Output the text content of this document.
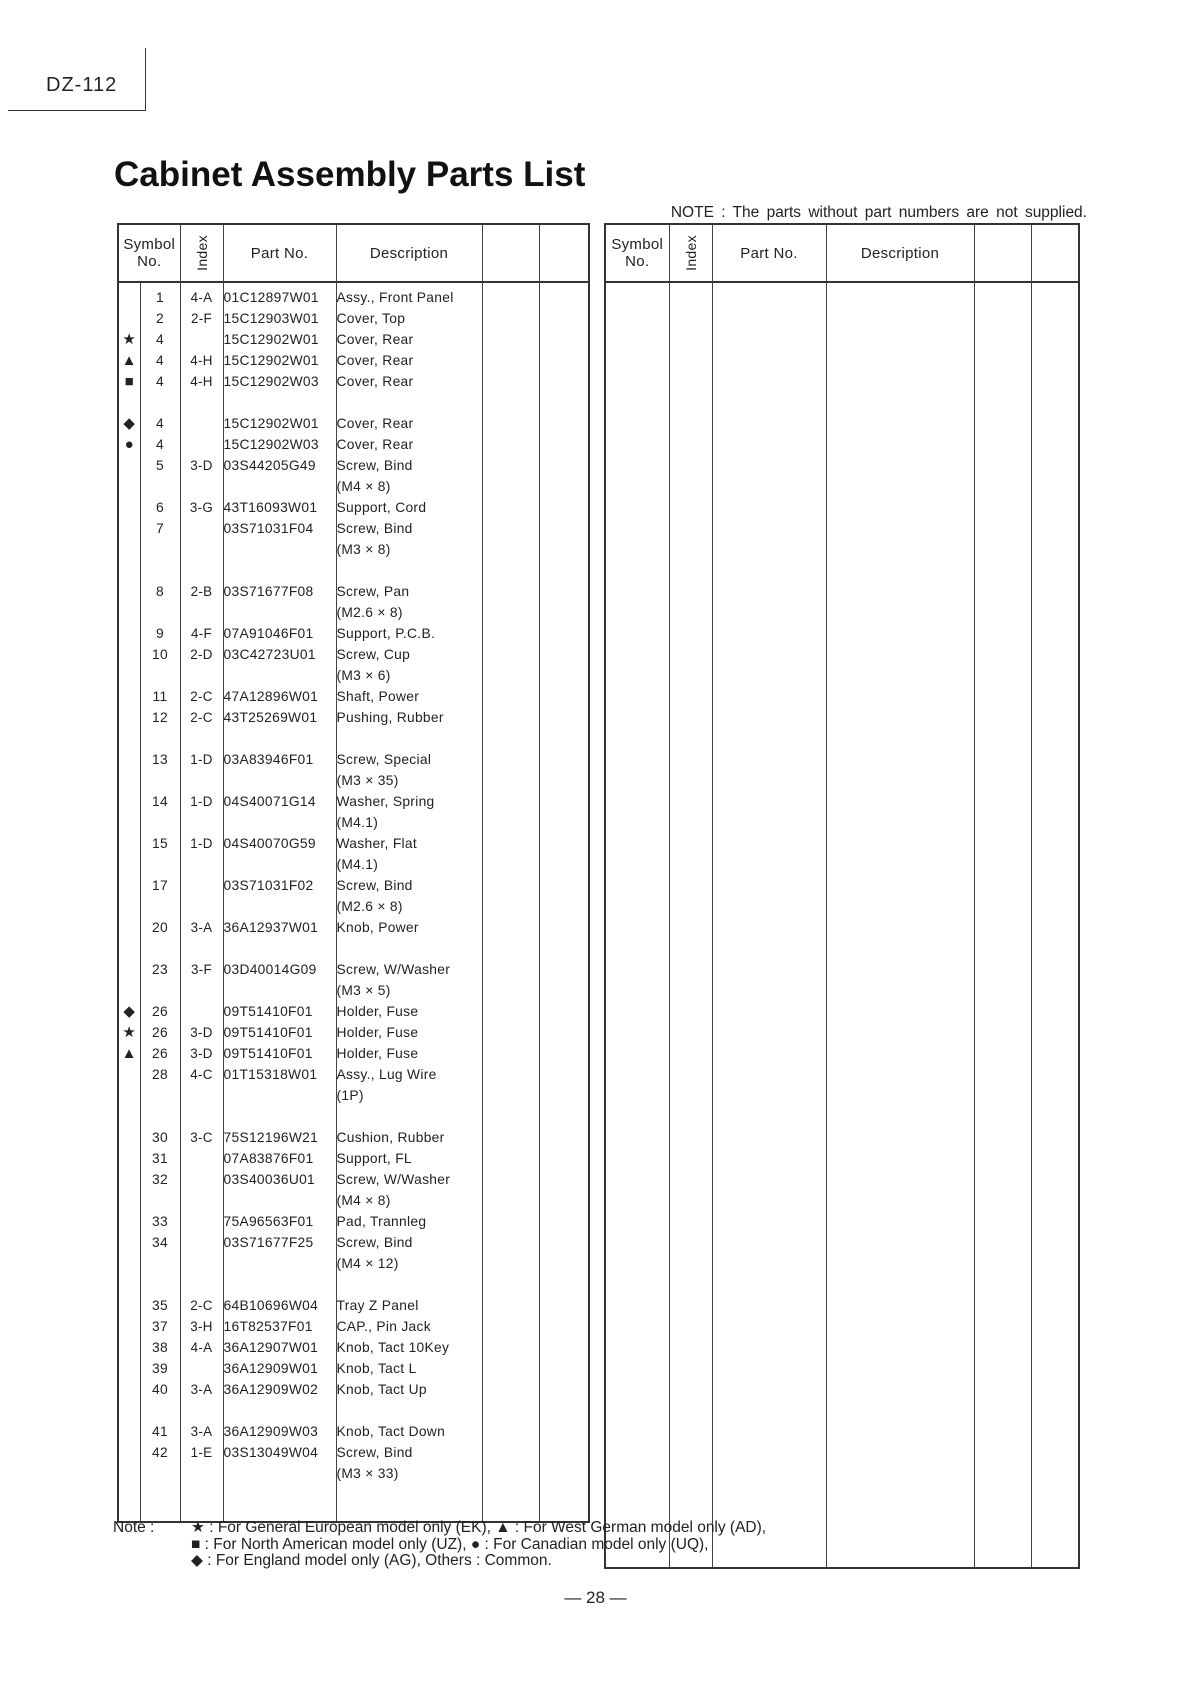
DZ-112
Cabinet Assembly Parts List
NOTE : The parts without part numbers are not supplied.
Symbol
No.		Index	Part No.	Description		
	1	4-A	01C12897W01	Assy., Front Panel		
	2	2-F	15C12903W01	Cover, Top		
★	4		15C12902W01	Cover, Rear		
▲	4	4-H	15C12902W01	Cover, Rear		
■	4	4-H	15C12902W03	Cover, Rear		

◆	4		15C12902W01	Cover, Rear		
●	4		15C12902W03	Cover, Rear		
	5	3-D	03S44205G49	Screw, Bind		
				(M4 × 8)		
	6	3-G	43T16093W01	Support, Cord		
	7		03S71031F04	Screw, Bind		
				(M3 × 8)		

	8	2-B	03S71677F08	Screw, Pan		
				(M2.6 × 8)		
	9	4-F	07A91046F01	Support, P.C.B.		
	10	2-D	03C42723U01	Screw, Cup		
				(M3 × 6)		
	11	2-C	47A12896W01	Shaft, Power		
	12	2-C	43T25269W01	Pushing, Rubber		

	13	1-D	03A83946F01	Screw, Special		
				(M3 × 35)		
	14	1-D	04S40071G14	Washer, Spring		
				(M4.1)		
	15	1-D	04S40070G59	Washer, Flat		
				(M4.1)		
	17		03S71031F02	Screw, Bind		
				(M2.6 × 8)		
	20	3-A	36A12937W01	Knob, Power		

	23	3-F	03D40014G09	Screw, W/Washer		
				(M3 × 5)		
◆	26		09T51410F01	Holder, Fuse		
★	26	3-D	09T51410F01	Holder, Fuse		
▲	26	3-D	09T51410F01	Holder, Fuse		
	28	4-C	01T15318W01	Assy., Lug Wire		
				(1P)		

	30	3-C	75S12196W21	Cushion, Rubber		
	31		07A83876F01	Support, FL		
	32		03S40036U01	Screw, W/Washer		
				(M4 × 8)		
	33		75A96563F01	Pad, Trannleg		
	34		03S71677F25	Screw, Bind		
				(M4 × 12)		

	35	2-C	64B10696W04	Tray Z Panel		
	37	3-H	16T82537F01	CAP., Pin Jack		
	38	4-A	36A12907W01	Knob, Tact 10Key		
	39		36A12909W01	Knob, Tact L		
	40	3-A	36A12909W02	Knob, Tact Up		

	41	3-A	36A12909W03	Knob, Tact Down		
	42	1-E	03S13049W04	Screw, Bind		
				(M3 × 33)		

Symbol
No.	Index	Part No.	Description		

Note : ★ : For General European model only (EK), ▲ : For West German model only (AD),
■ : For North American model only (UZ), ● : For Canadian model only (UQ),
◆ : For England model only (AG), Others : Common.
— 28 —
